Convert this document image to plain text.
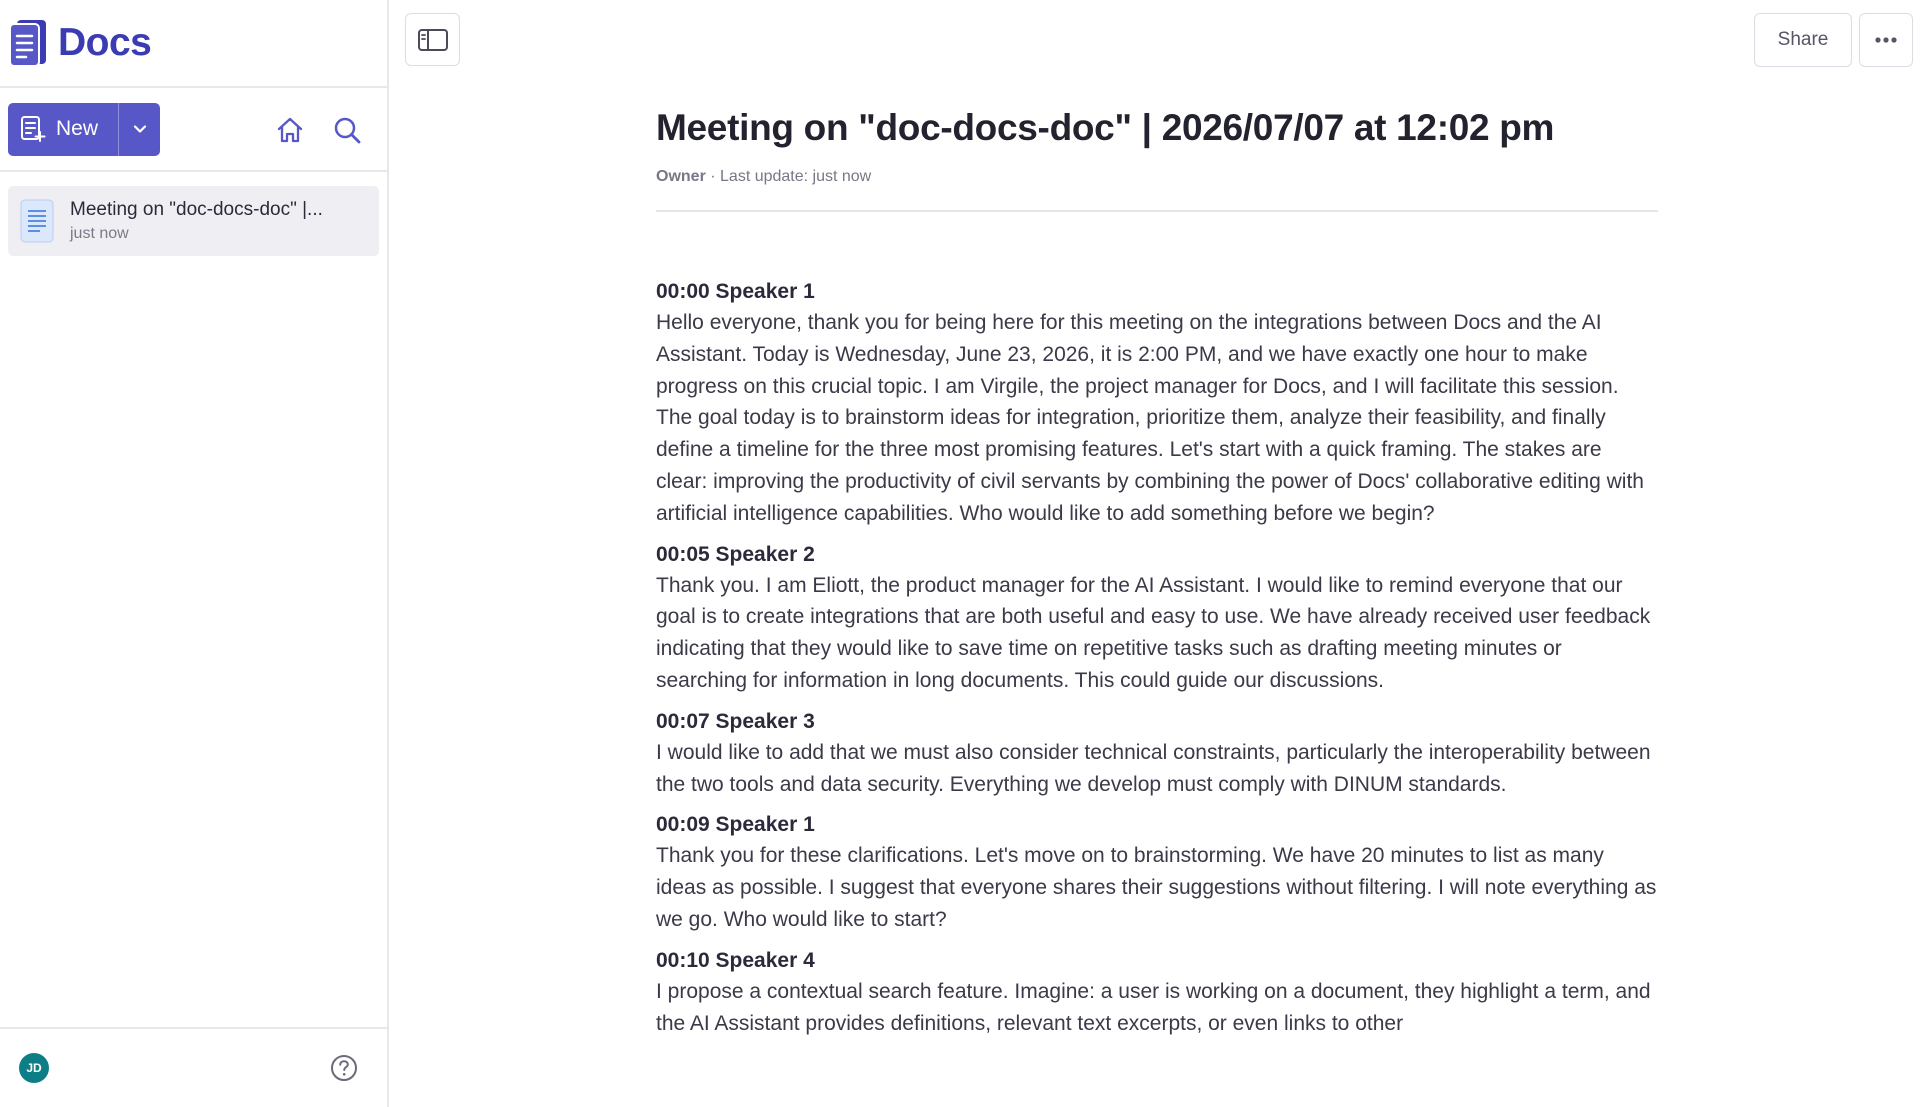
Docs
New
Meeting on "doc-docs-doc" |...
just now
JD
Share
Meeting on "doc-docs-doc" | 2026/07/07 at 12:02 pm
Owner · Last update: just now
00:00 Speaker 1

Hello everyone, thank you for being here for this meeting on the integrations between Docs and the AI Assistant. Today is Wednesday, June 23, 2026, it is 2:00 PM, and we have exactly one hour to make progress on this crucial topic. I am Virgile, the project manager for Docs, and I will facilitate this session. The goal today is to brainstorm ideas for integration, prioritize them, analyze their feasibility, and finally define a timeline for the three most promising features. Let's start with a quick framing. The stakes are clear: improving the productivity of civil servants by combining the power of Docs' collaborative editing with artificial intelligence capabilities. Who would like to add something before we begin?

00:05 Speaker 2

Thank you. I am Eliott, the product manager for the AI Assistant. I would like to remind everyone that our goal is to create integrations that are both useful and easy to use. We have already received user feedback indicating that they would like to save time on repetitive tasks such as drafting meeting minutes or searching for information in long documents. This could guide our discussions.

00:07 Speaker 3

I would like to add that we must also consider technical constraints, particularly the interoperability between the two tools and data security. Everything we develop must comply with DINUM standards.

00:09 Speaker 1

Thank you for these clarifications. Let's move on to brainstorming. We have 20 minutes to list as many ideas as possible. I suggest that everyone shares their suggestions without filtering. I will note everything as we go. Who would like to start?

00:10 Speaker 4

I propose a contextual search feature. Imagine: a user is working on a document, they highlight a term, and the AI Assistant provides definitions, relevant text excerpts, or even links to other
